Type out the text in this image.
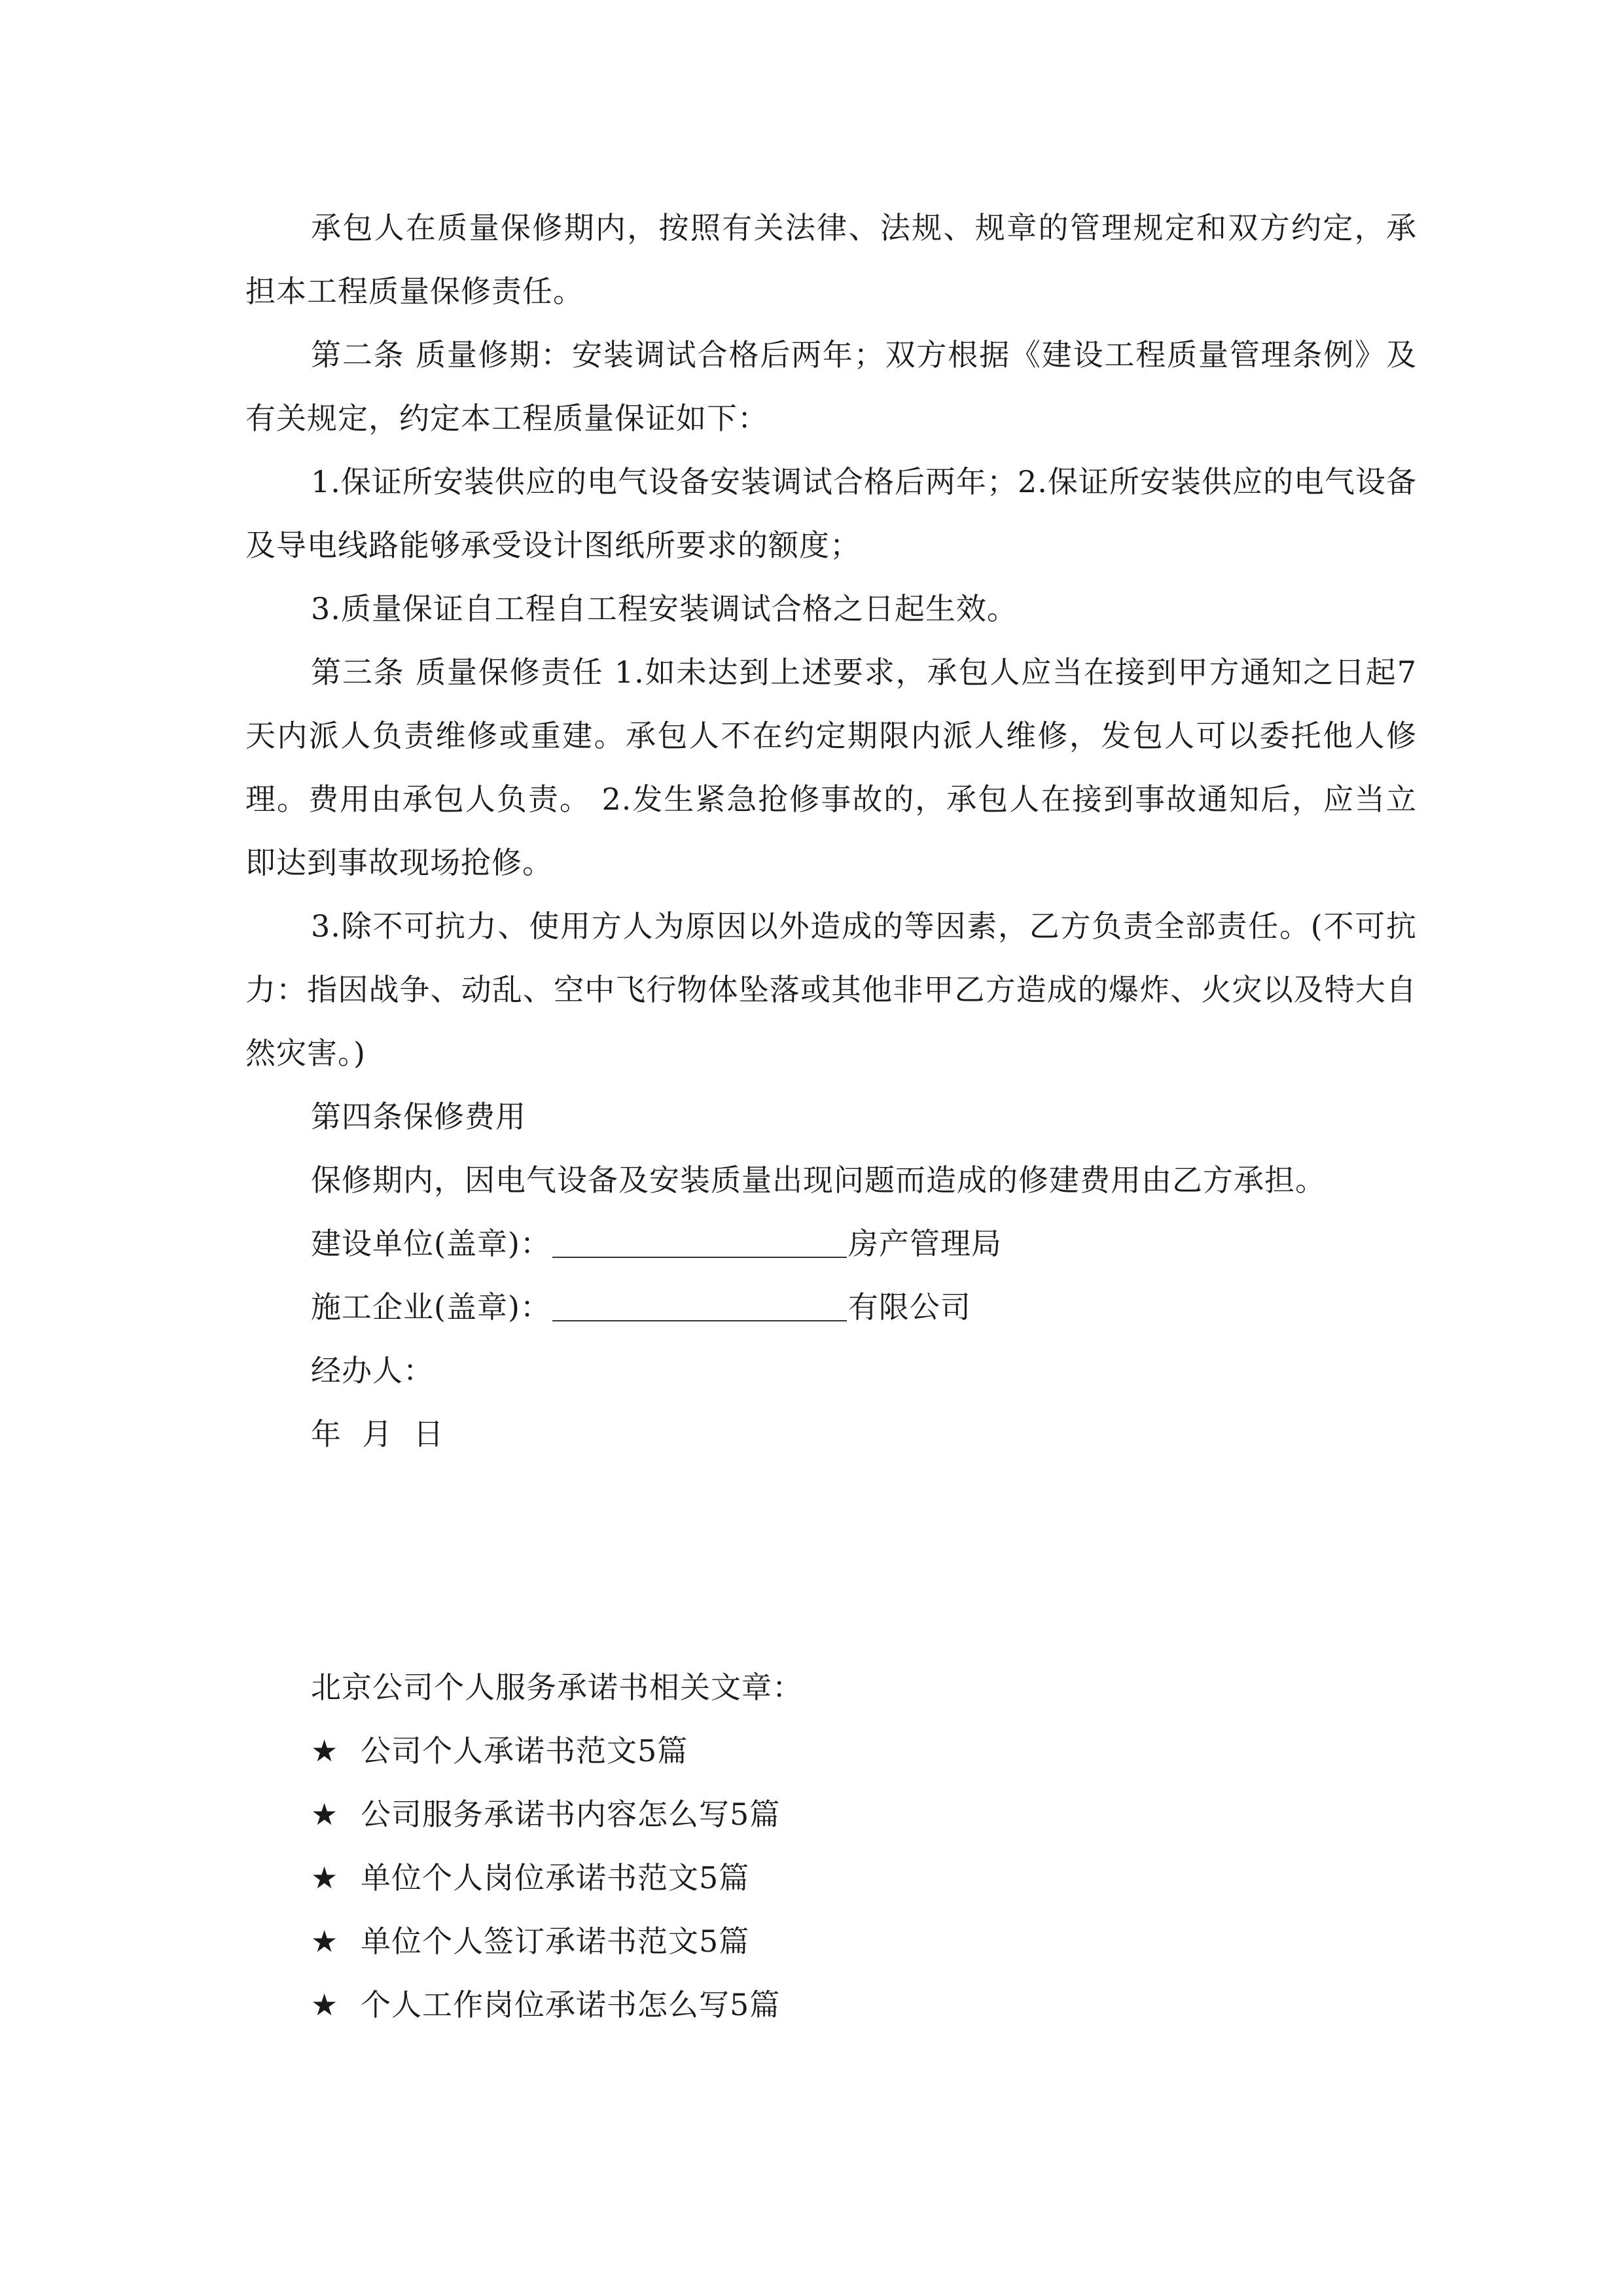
承包人在质量保修期内，按照有关法律、法规、规章的管理规定和双方约定，承担本工程质量保修责任。

第二条 质量修期：安装调试合格后两年；双方根据《建设工程质量管理条例》及有关规定，约定本工程质量保证如下：

1.保证所安装供应的电气设备安装调试合格后两年；2.保证所安装供应的电气设备及导电线路能够承受设计图纸所要求的额度；

3.质量保证自工程自工程安装调试合格之日起生效。

第三条 质量保修责任 1.如未达到上述要求，承包人应当在接到甲方通知之日起7天内派人负责维修或重建。承包人不在约定期限内派人维修，发包人可以委托他人修理。费用由承包人负责。 2.发生紧急抢修事故的，承包人在接到事故通知后，应当立即达到事故现场抢修。

3.除不可抗力、使用方人为原因以外造成的等因素，乙方负责全部责任。(不可抗力：指因战争、动乱、空中飞行物体坠落或其他非甲乙方造成的爆炸、火灾以及特大自然灾害。)

第四条保修费用

保修期内，因电气设备及安装质量出现问题而造成的修建费用由乙方承担。

建设单位(盖章)：	房产管理局

施工企业(盖章)：	有限公司

经办人：

年  月  日

北京公司个人服务承诺书相关文章：

★ 公司个人承诺书范文5篇

★ 公司服务承诺书内容怎么写5篇

★ 单位个人岗位承诺书范文5篇

★ 单位个人签订承诺书范文5篇

★ 个人工作岗位承诺书怎么写5篇
